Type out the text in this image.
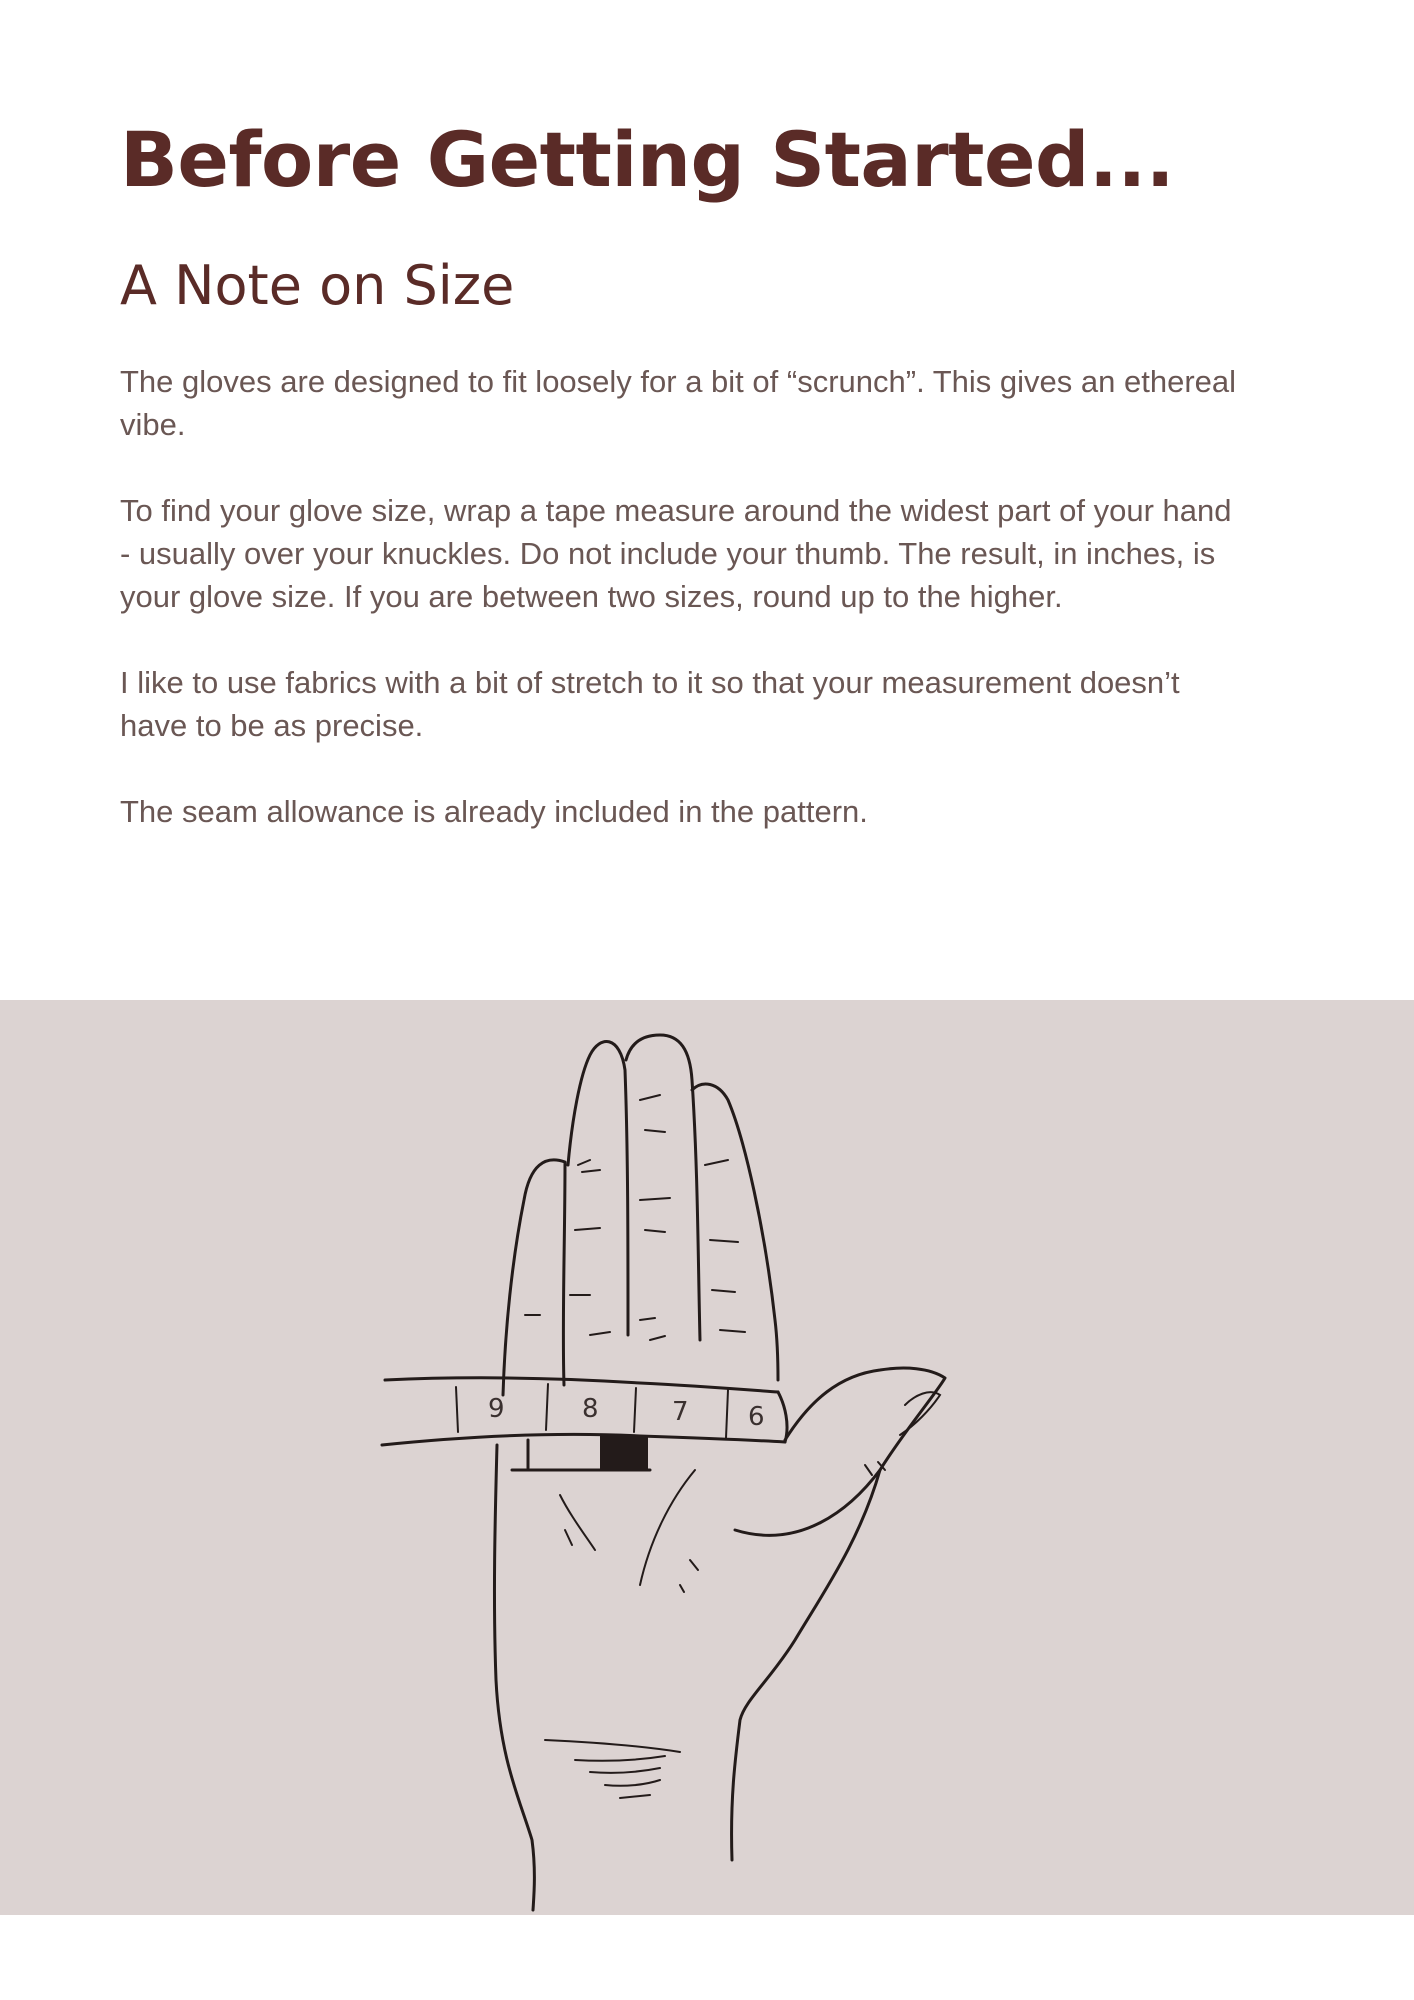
Before Getting Started...
A Note on Size

The gloves are designed to fit loosely for a bit of “scrunch”. This gives an ethereal vibe.

To find your glove size, wrap a tape measure around the widest part of your hand - usually over your knuckles. Do not include your thumb. The result, in inches, is your glove size. If you are between two sizes, round up to the higher.

I like to use fabrics with a bit of stretch to it so that your measurement doesn’t have to be as precise.

The seam allowance is already included in the pattern.

9	8	7 6
